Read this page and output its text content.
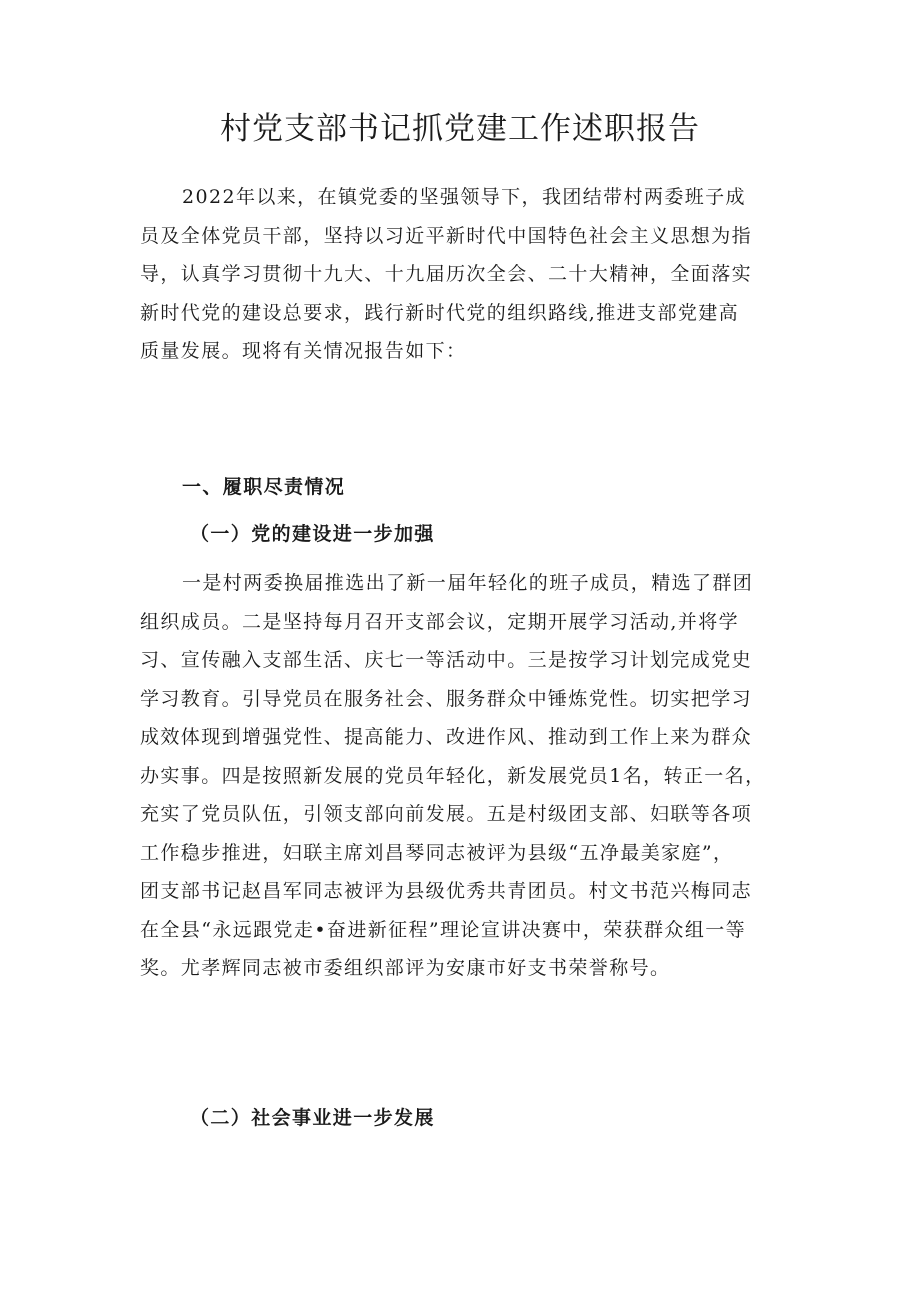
村党支部书记抓党建工作述职报告

2022年以来，在镇党委的坚强领导下，我团结带村两委班子成
员及全体党员干部，坚持以习近平新时代中国特色社会主义思想为指
导，认真学习贯彻十九大、十九届历次全会、二十大精神，全面落实
新时代党的建设总要求，践行新时代党的组织路线,推进支部党建高
质量发展。现将有关情况报告如下：

一、履职尽责情况
（一）党的建设进一步加强

一是村两委换届推选出了新一届年轻化的班子成员，精选了群团
组织成员。二是坚持每月召开支部会议，定期开展学习活动,并将学
习、宣传融入支部生活、庆七一等活动中。三是按学习计划完成党史
学习教育。引导党员在服务社会、服务群众中锤炼党性。切实把学习
成效体现到增强党性、提高能力、改进作风、推动到工作上来为群众
办实事。四是按照新发展的党员年轻化，新发展党员1名，转正一名，
充实了党员队伍，引领支部向前发展。五是村级团支部、妇联等各项
工作稳步推进，妇联主席刘昌琴同志被评为县级“五净最美家庭”，
团支部书记赵昌军同志被评为县级优秀共青团员。村文书范兴梅同志
在全县“永远跟党走•奋进新征程”理论宣讲决赛中，荣获群众组一等
奖。尤孝辉同志被市委组织部评为安康市好支书荣誉称号。

（二）社会事业进一步发展
